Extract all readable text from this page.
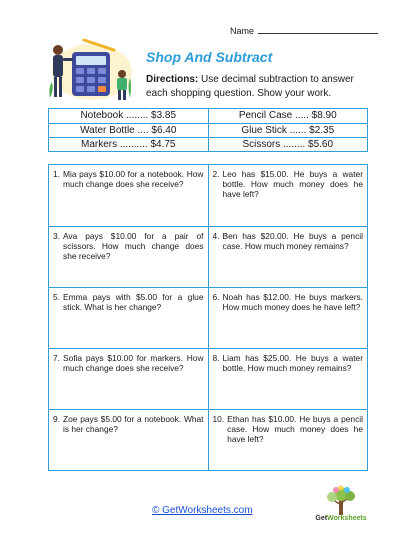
Name
Shop And Subtract
Directions: Use decimal subtraction to answer each shopping question. Show your work.
Notebook ........ $3.85	Pencil Case ..... $8.90
Water Bottle .... $6.40	Glue Stick ...... $2.35
Markers .......... $4.75	Scissors ........ $5.60
1. Mia pays $10.00 for a notebook. How much change does she receive?
2. Leo has $15.00. He buys a water bottle. How much money does he have left?
3. Ava pays $10.00 for a pair of scissors. How much change does she receive?
4. Ben has $20.00. He buys a pencil case. How much money remains?
5. Emma pays with $5.00 for a glue stick. What is her change?
6. Noah has $12.00. He buys markers. How much money does he have left?
7. Sofia pays $10.00 for markers. How much change does she receive?
8. Liam has $25.00. He buys a water bottle. How much money remains?
9. Zoe pays $5.00 for a notebook. What is her change?
10. Ethan has $10.00. He buys a pencil case. How much money does he have left?
© GetWorksheets.com
GetWorksheets
